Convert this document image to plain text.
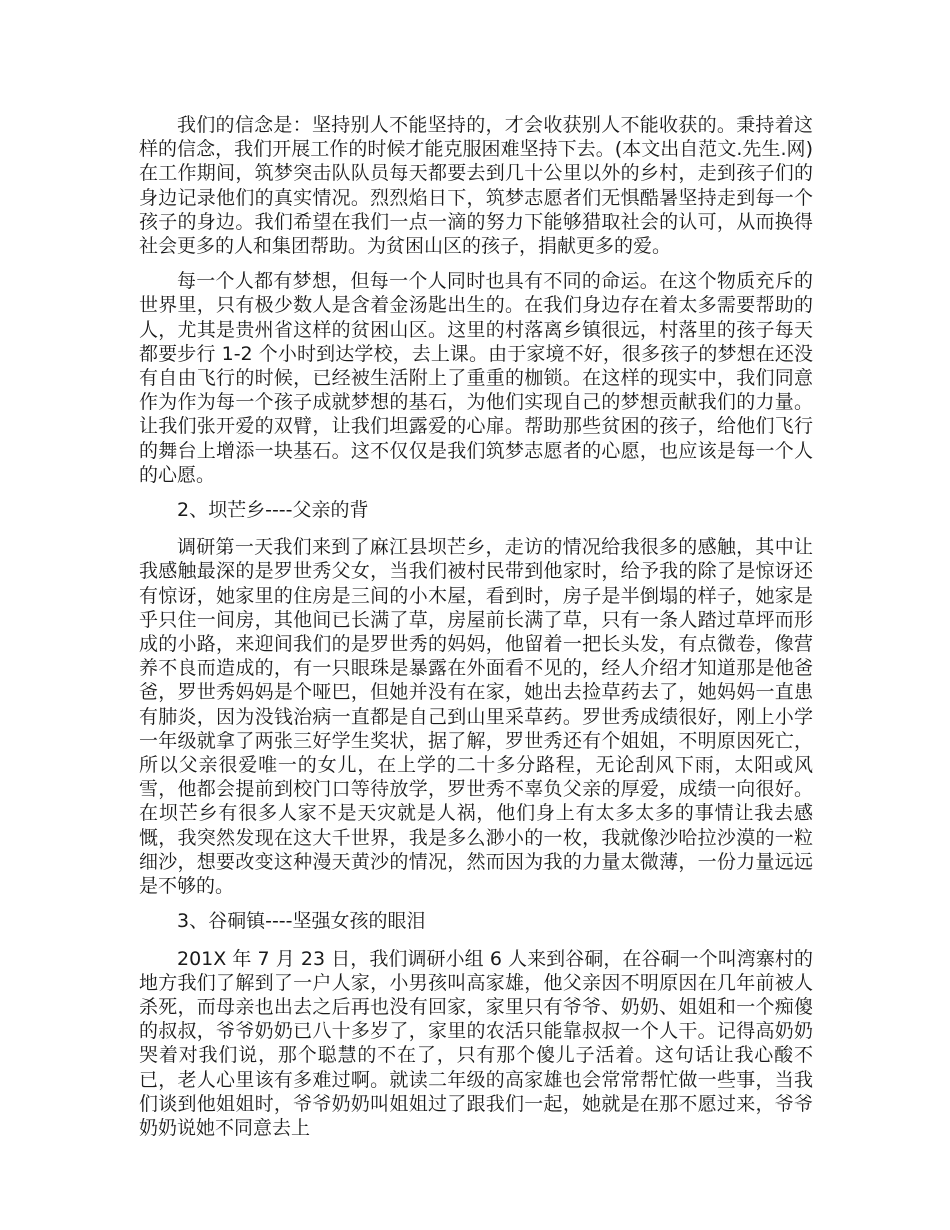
我们的信念是：坚持别人不能坚持的，才会收获别人不能收获的。秉持着这样的信念，我们开展工作的时候才能克服困难坚持下去。(本文出自范文.先生.网)在工作期间，筑梦突击队队员每天都要去到几十公里以外的乡村，走到孩子们的身边记录他们的真实情况。烈烈焰日下，筑梦志愿者们无惧酷暑坚持走到每一个孩子的身边。我们希望在我们一点一滴的努力下能够猎取社会的认可，从而换得社会更多的人和集团帮助。为贫困山区的孩子，捐献更多的爱。

每一个人都有梦想，但每一个人同时也具有不同的命运。在这个物质充斥的世界里，只有极少数人是含着金汤匙出生的。在我们身边存在着太多需要帮助的人，尤其是贵州省这样的贫困山区。这里的村落离乡镇很远，村落里的孩子每天都要步行 1-2 个小时到达学校，去上课。由于家境不好，很多孩子的梦想在还没有自由飞行的时候，已经被生活附上了重重的枷锁。在这样的现实中，我们同意作为作为每一个孩子成就梦想的基石，为他们实现自己的梦想贡献我们的力量。让我们张开爱的双臂，让我们坦露爱的心扉。帮助那些贫困的孩子，给他们飞行的舞台上增添一块基石。这不仅仅是我们筑梦志愿者的心愿，也应该是每一个人的心愿。

2、坝芒乡----父亲的背

调研第一天我们来到了麻江县坝芒乡，走访的情况给我很多的感触，其中让我感触最深的是罗世秀父女，当我们被村民带到他家时，给予我的除了是惊讶还有惊讶，她家里的住房是三间的小木屋，看到时，房子是半倒塌的样子，她家是乎只住一间房，其他间已长满了草，房屋前长满了草，只有一条人踏过草坪而形成的小路，来迎间我们的是罗世秀的妈妈，他留着一把长头发，有点微卷，像营养不良而造成的，有一只眼珠是暴露在外面看不见的，经人介绍才知道那是他爸爸，罗世秀妈妈是个哑巴，但她并没有在家，她出去捡草药去了，她妈妈一直患有肺炎，因为没钱治病一直都是自己到山里采草药。罗世秀成绩很好，刚上小学一年级就拿了两张三好学生奖状，据了解，罗世秀还有个姐姐，不明原因死亡，所以父亲很爱唯一的女儿，在上学的二十多分路程，无论刮风下雨，太阳或风雪，他都会提前到校门口等待放学，罗世秀不辜负父亲的厚爱，成绩一向很好。在坝芒乡有很多人家不是天灾就是人祸，他们身上有太多太多的事情让我去感慨，我突然发现在这大千世界，我是多么渺小的一枚，我就像沙哈拉沙漠的一粒细沙，想要改变这种漫天黄沙的情况，然而因为我的力量太微薄，一份力量远远是不够的。

3、谷硐镇----坚强女孩的眼泪

201X 年 7 月 23 日，我们调研小组 6 人来到谷硐，在谷硐一个叫湾寨村的地方我们了解到了一户人家，小男孩叫高家雄，他父亲因不明原因在几年前被人杀死，而母亲也出去之后再也没有回家，家里只有爷爷、奶奶、姐姐和一个痴傻的叔叔，爷爷奶奶已八十多岁了，家里的农活只能靠叔叔一个人干。记得高奶奶哭着对我们说，那个聪慧的不在了，只有那个傻儿子活着。这句话让我心酸不已，老人心里该有多难过啊。就读二年级的高家雄也会常常帮忙做一些事，当我们谈到他姐姐时，爷爷奶奶叫姐姐过了跟我们一起，她就是在那不愿过来，爷爷奶奶说她不同意去上
